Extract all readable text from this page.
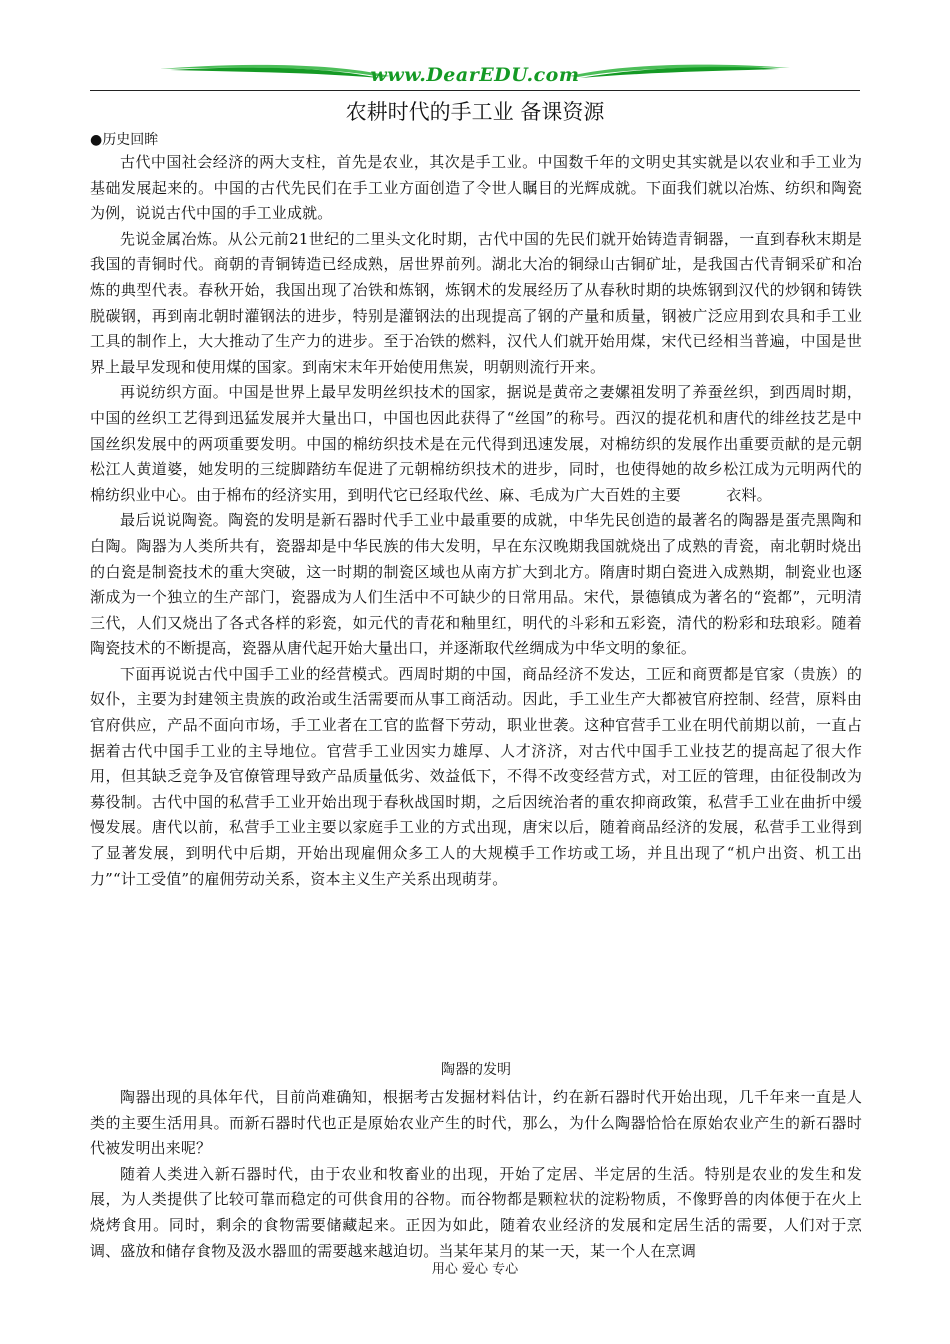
www.DearEDU.com
农耕时代的手工业 备课资源

●历史回眸

古代中国社会经济的两大支柱，首先是农业，其次是手工业。中国数千年的文明史其实就是以农业和手工业为基础发展起来的。中国的古代先民们在手工业方面创造了令世人瞩目的光辉成就。下面我们就以冶炼、纺织和陶瓷为例，说说古代中国的手工业成就。

先说金属冶炼。从公元前21世纪的二里头文化时期，古代中国的先民们就开始铸造青铜器，一直到春秋末期是我国的青铜时代。商朝的青铜铸造已经成熟，居世界前列。湖北大冶的铜绿山古铜矿址，是我国古代青铜采矿和冶炼的典型代表。春秋开始，我国出现了冶铁和炼钢，炼钢术的发展经历了从春秋时期的块炼钢到汉代的炒钢和铸铁脱碳钢，再到南北朝时灌钢法的进步，特别是灌钢法的出现提高了钢的产量和质量，钢被广泛应用到农具和手工业工具的制作上，大大推动了生产力的进步。至于冶铁的燃料，汉代人们就开始用煤，宋代已经相当普遍，中国是世界上最早发现和使用煤的国家。到南宋末年开始使用焦炭，明朝则流行开来。

再说纺织方面。中国是世界上最早发明丝织技术的国家，据说是黄帝之妻嫘祖发明了养蚕丝织，到西周时期，中国的丝织工艺得到迅猛发展并大量出口，中国也因此获得了“丝国”的称号。西汉的提花机和唐代的绯丝技艺是中国丝织发展中的两项重要发明。中国的棉纺织技术是在元代得到迅速发展，对棉纺织的发展作出重要贡献的是元朝松江人黄道婆，她发明的三绽脚踏纺车促进了元朝棉纺织技术的进步，同时，也使得她的故乡松江成为元明两代的棉纺织业中心。由于棉布的经济实用，到明代它已经取代丝、麻、毛成为广大百姓的主要　　　衣料。

最后说说陶瓷。陶瓷的发明是新石器时代手工业中最重要的成就，中华先民创造的最著名的陶器是蛋壳黑陶和白陶。陶器为人类所共有，瓷器却是中华民族的伟大发明，早在东汉晚期我国就烧出了成熟的青瓷，南北朝时烧出的白瓷是制瓷技术的重大突破，这一时期的制瓷区域也从南方扩大到北方。隋唐时期白瓷进入成熟期，制瓷业也逐渐成为一个独立的生产部门，瓷器成为人们生活中不可缺少的日常用品。宋代，景德镇成为著名的“瓷都”，元明清三代，人们又烧出了各式各样的彩瓷，如元代的青花和釉里红，明代的斗彩和五彩瓷，清代的粉彩和珐琅彩。随着陶瓷技术的不断提高，瓷器从唐代起开始大量出口，并逐渐取代丝绸成为中华文明的象征。

下面再说说古代中国手工业的经营模式。西周时期的中国，商品经济不发达，工匠和商贾都是官家（贵族）的奴仆，主要为封建领主贵族的政治或生活需要而从事工商活动。因此，手工业生产大都被官府控制、经营，原料由官府供应，产品不面向市场，手工业者在工官的监督下劳动，职业世袭。这种官营手工业在明代前期以前，一直占据着古代中国手工业的主导地位。官营手工业因实力雄厚、人才济济，对古代中国手工业技艺的提高起了很大作用，但其缺乏竞争及官僚管理导致产品质量低劣、效益低下，不得不改变经营方式，对工匠的管理，由征役制改为募役制。古代中国的私营手工业开始出现于春秋战国时期，之后因统治者的重农抑商政策，私营手工业在曲折中缓慢发展。唐代以前，私营手工业主要以家庭手工业的方式出现，唐宋以后，随着商品经济的发展，私营手工业得到了显著发展，到明代中后期，开始出现雇佣众多工人的大规模手工作坊或工场，并且出现了“机户出资、机工出力”“计工受值”的雇佣劳动关系，资本主义生产关系出现萌芽。

陶器的发明

陶器出现的具体年代，目前尚难确知，根据考古发掘材料估计，约在新石器时代开始出现，几千年来一直是人类的主要生活用具。而新石器时代也正是原始农业产生的时代，那么，为什么陶器恰恰在原始农业产生的新石器时代被发明出来呢？

随着人类进入新石器时代，由于农业和牧畜业的出现，开始了定居、半定居的生活。特别是农业的发生和发展，为人类提供了比较可靠而稳定的可供食用的谷物。而谷物都是颗粒状的淀粉物质，不像野兽的肉体便于在火上烧烤食用。同时，剩余的食物需要储藏起来。正因为如此，随着农业经济的发展和定居生活的需要，人们对于烹调、盛放和储存食物及汲水器皿的需要越来越迫切。当某年某月的某一天，某一个人在烹调

用心 爱心 专心
